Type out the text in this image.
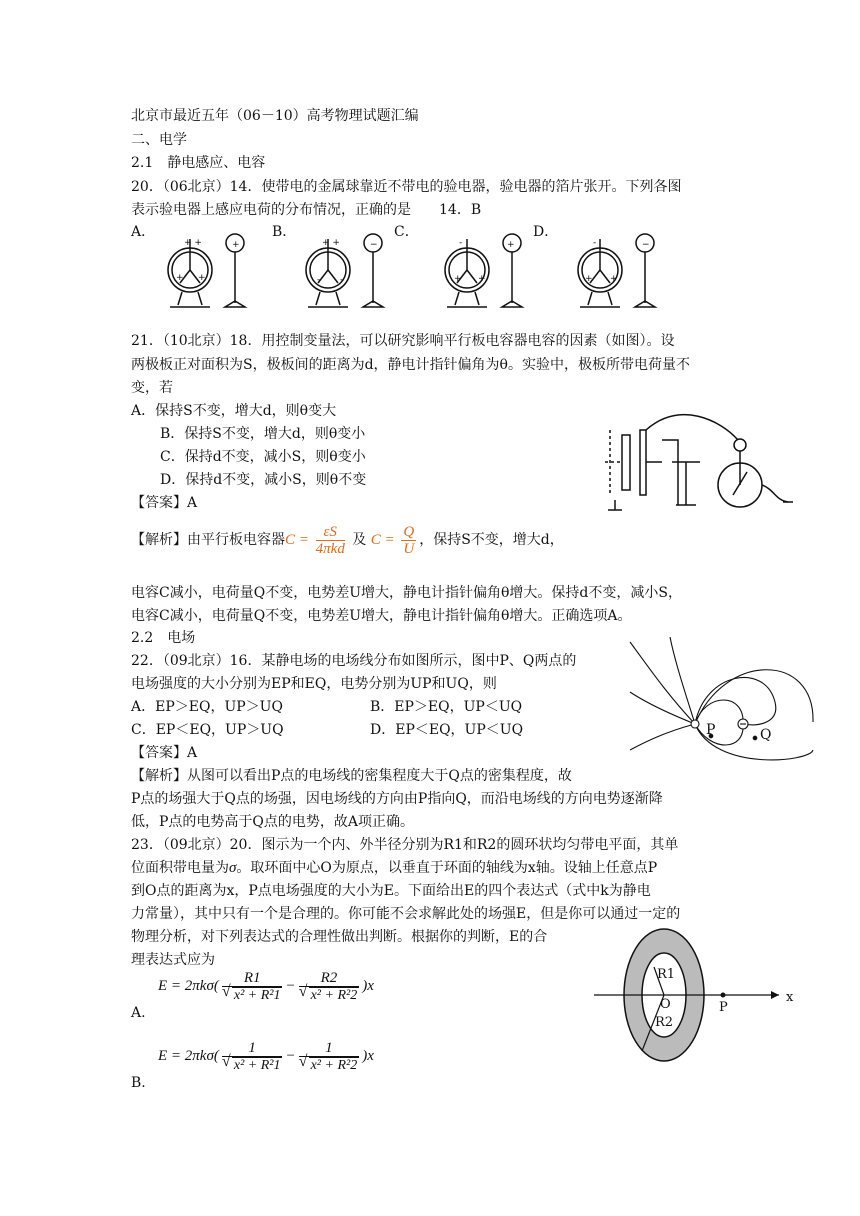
北京市最近五年（06－10）高考物理试题汇编
二、电学
2.1　静电感应、电容
20．（06北京）14．使带电的金属球靠近不带电的验电器，验电器的箔片张开。下列各图
表示验电器上感应电荷的分布情况，正确的是　　14．B
A．	B．	C．	D．
+ +
+ +
+	+ +
- -
−	-
+ +
+	-
+ +
−
21．（10北京）18．用控制变量法，可以研究影响平行板电容器电容的因素（如图）。设
两极板正对面积为S，极板间的距离为d，静电计指针偏角为θ。实验中，极板所带电荷量不
变，若
A．保持S不变，增大d，则θ变大
B．保持S不变，增大d，则θ变小
C．保持d不变，减小S，则θ变小
D．保持d不变，减小S，则θ不变
【答案】A
【解析】由平行板电容器$C = \frac{\varepsilon S}{\text{4πkd}}$ 及 $C = \frac{Q}{U}$ ，保持S不变，增大d，
电容C减小，电荷量Q不变，电势差U增大，静电计指针偏角θ增大。保持d不变，减小S，
电容C减小，电荷量Q不变，电势差U增大，静电计指针偏角θ增大。正确选项A。
2.2　电场
22．（09北京）16．某静电场的电场线分布如图所示，图中P、Q两点的
电场强度的大小分别为EP和EQ，电势分别为UP和UQ，则
A．EP＞EQ，UP＞UQ	B．EP＞EQ，UP＜UQ
C．EP＜EQ，UP＞UQ	D．EP＜EQ，UP＜UQ
【答案】A
P	Q
【解析】从图可以看出P点的电场线的密集程度大于Q点的密集程度，故
P点的场强大于Q点的场强，因电场线的方向由P指向Q，而沿电场线的方向电势逐渐降
低，P点的电势高于Q点的电势，故A项正确。
23．（09北京）20．图示为一个内、外半径分别为R1和R2的圆环状均匀带电平面，其单
位面积带电量为σ。取环面中心O为原点，以垂直于环面的轴线为x轴。设轴上任意点P
到O点的距离为x，P点电场强度的大小为E。下面给出E的四个表达式（式中k为静电
力常量），其中只有一个是合理的。你可能不会求解此处的场强E，但是你可以通过一定的
物理分析，对下列表达式的合理性做出判断。根据你的判断，E的合
理表达式应为
E = 2πkσ( R1
√ x² + R²1 − R2
√ x² + R²2 )x
A.
E = 2πkσ( 1
√ x² + R²1 − 1
√ x² + R²2 )x
B.
R1
O
R2
P
x
